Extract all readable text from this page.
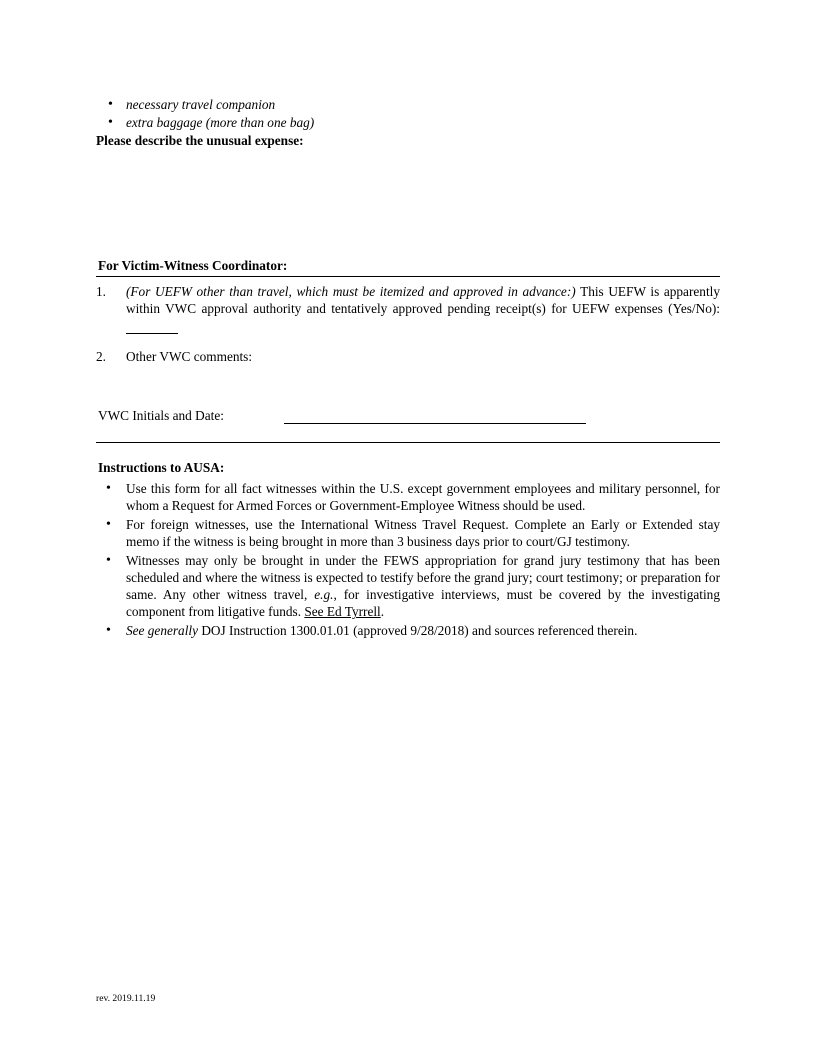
• necessary travel companion
• extra baggage (more than one bag)

Please describe the unusual expense:

For Victim-Witness Coordinator:
1. (For UEFW other than travel, which must be itemized and approved in advance:) This UEFW is apparently within VWC approval authority and tentatively approved pending receipt(s) for UEFW expenses (Yes/No):
2. Other VWC comments:
VWC Initials and Date:
Instructions to AUSA:
• Use this form for all fact witnesses within the U.S. except government employees and military personnel, for whom a Request for Armed Forces or Government-Employee Witness should be used.
• For foreign witnesses, use the International Witness Travel Request. Complete an Early or Extended stay memo if the witness is being brought in more than 3 business days prior to court/GJ testimony.
• Witnesses may only be brought in under the FEWS appropriation for grand jury testimony that has been scheduled and where the witness is expected to testify before the grand jury; court testimony; or preparation for same. Any other witness travel, e.g., for investigative interviews, must be covered by the investigating component from litigative funds. See Ed Tyrrell.
• See generally DOJ Instruction 1300.01.01 (approved 9/28/2018) and sources referenced therein.
rev. 2019.11.19
